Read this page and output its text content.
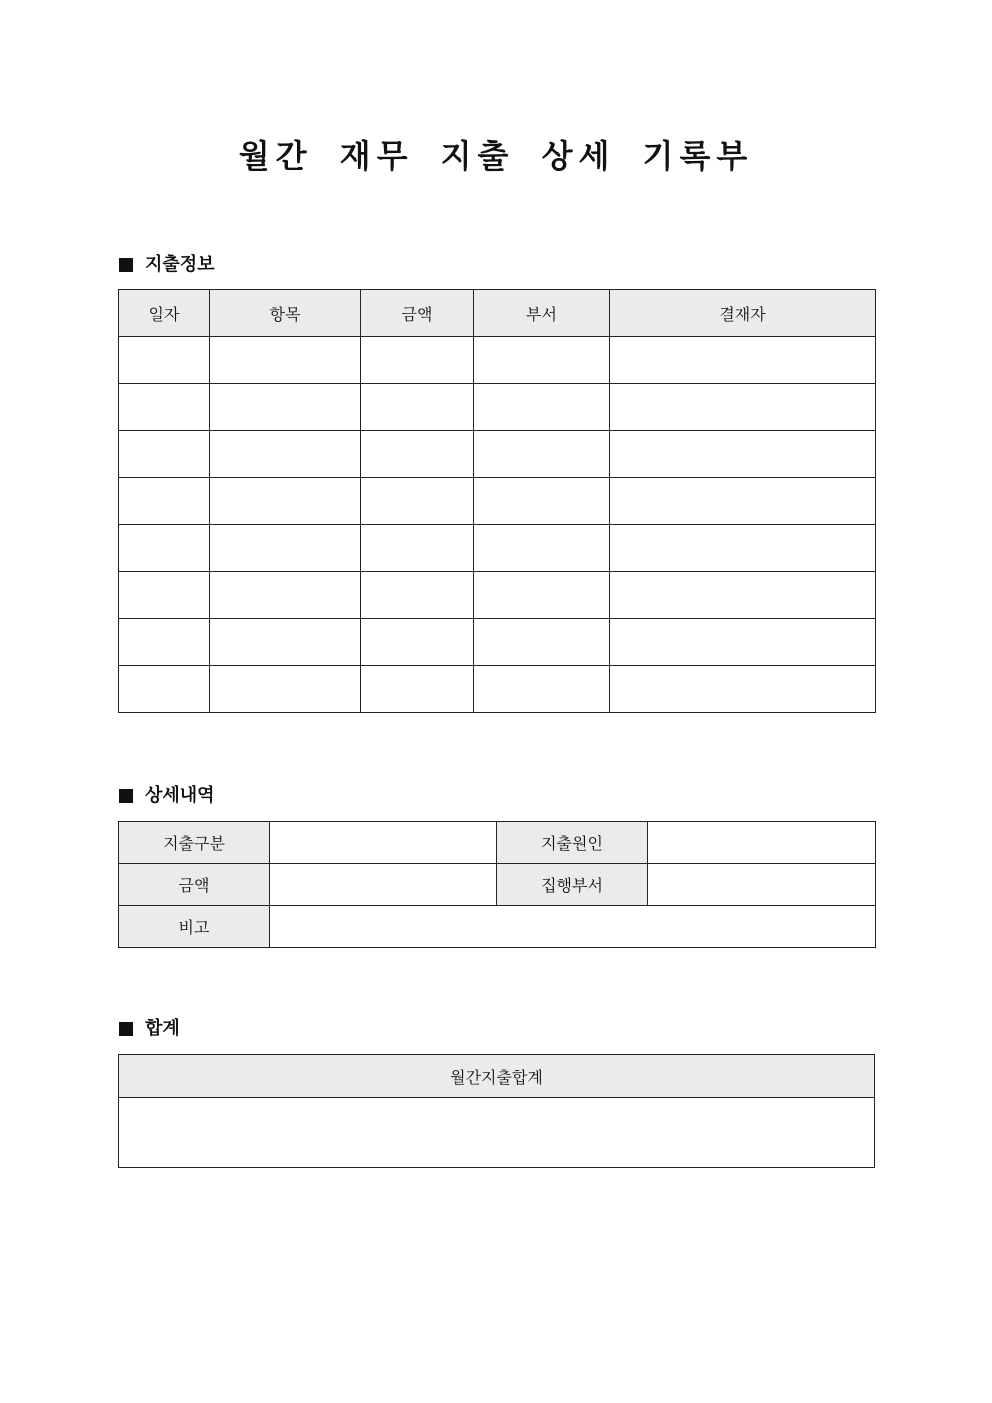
월간 재무 지출 상세 기록부
지출정보
일자	항목	금액	부서	결재자

상세내역
지출구분		지출원인	
금액		집행부서	
비고			
합계
월간지출합계
